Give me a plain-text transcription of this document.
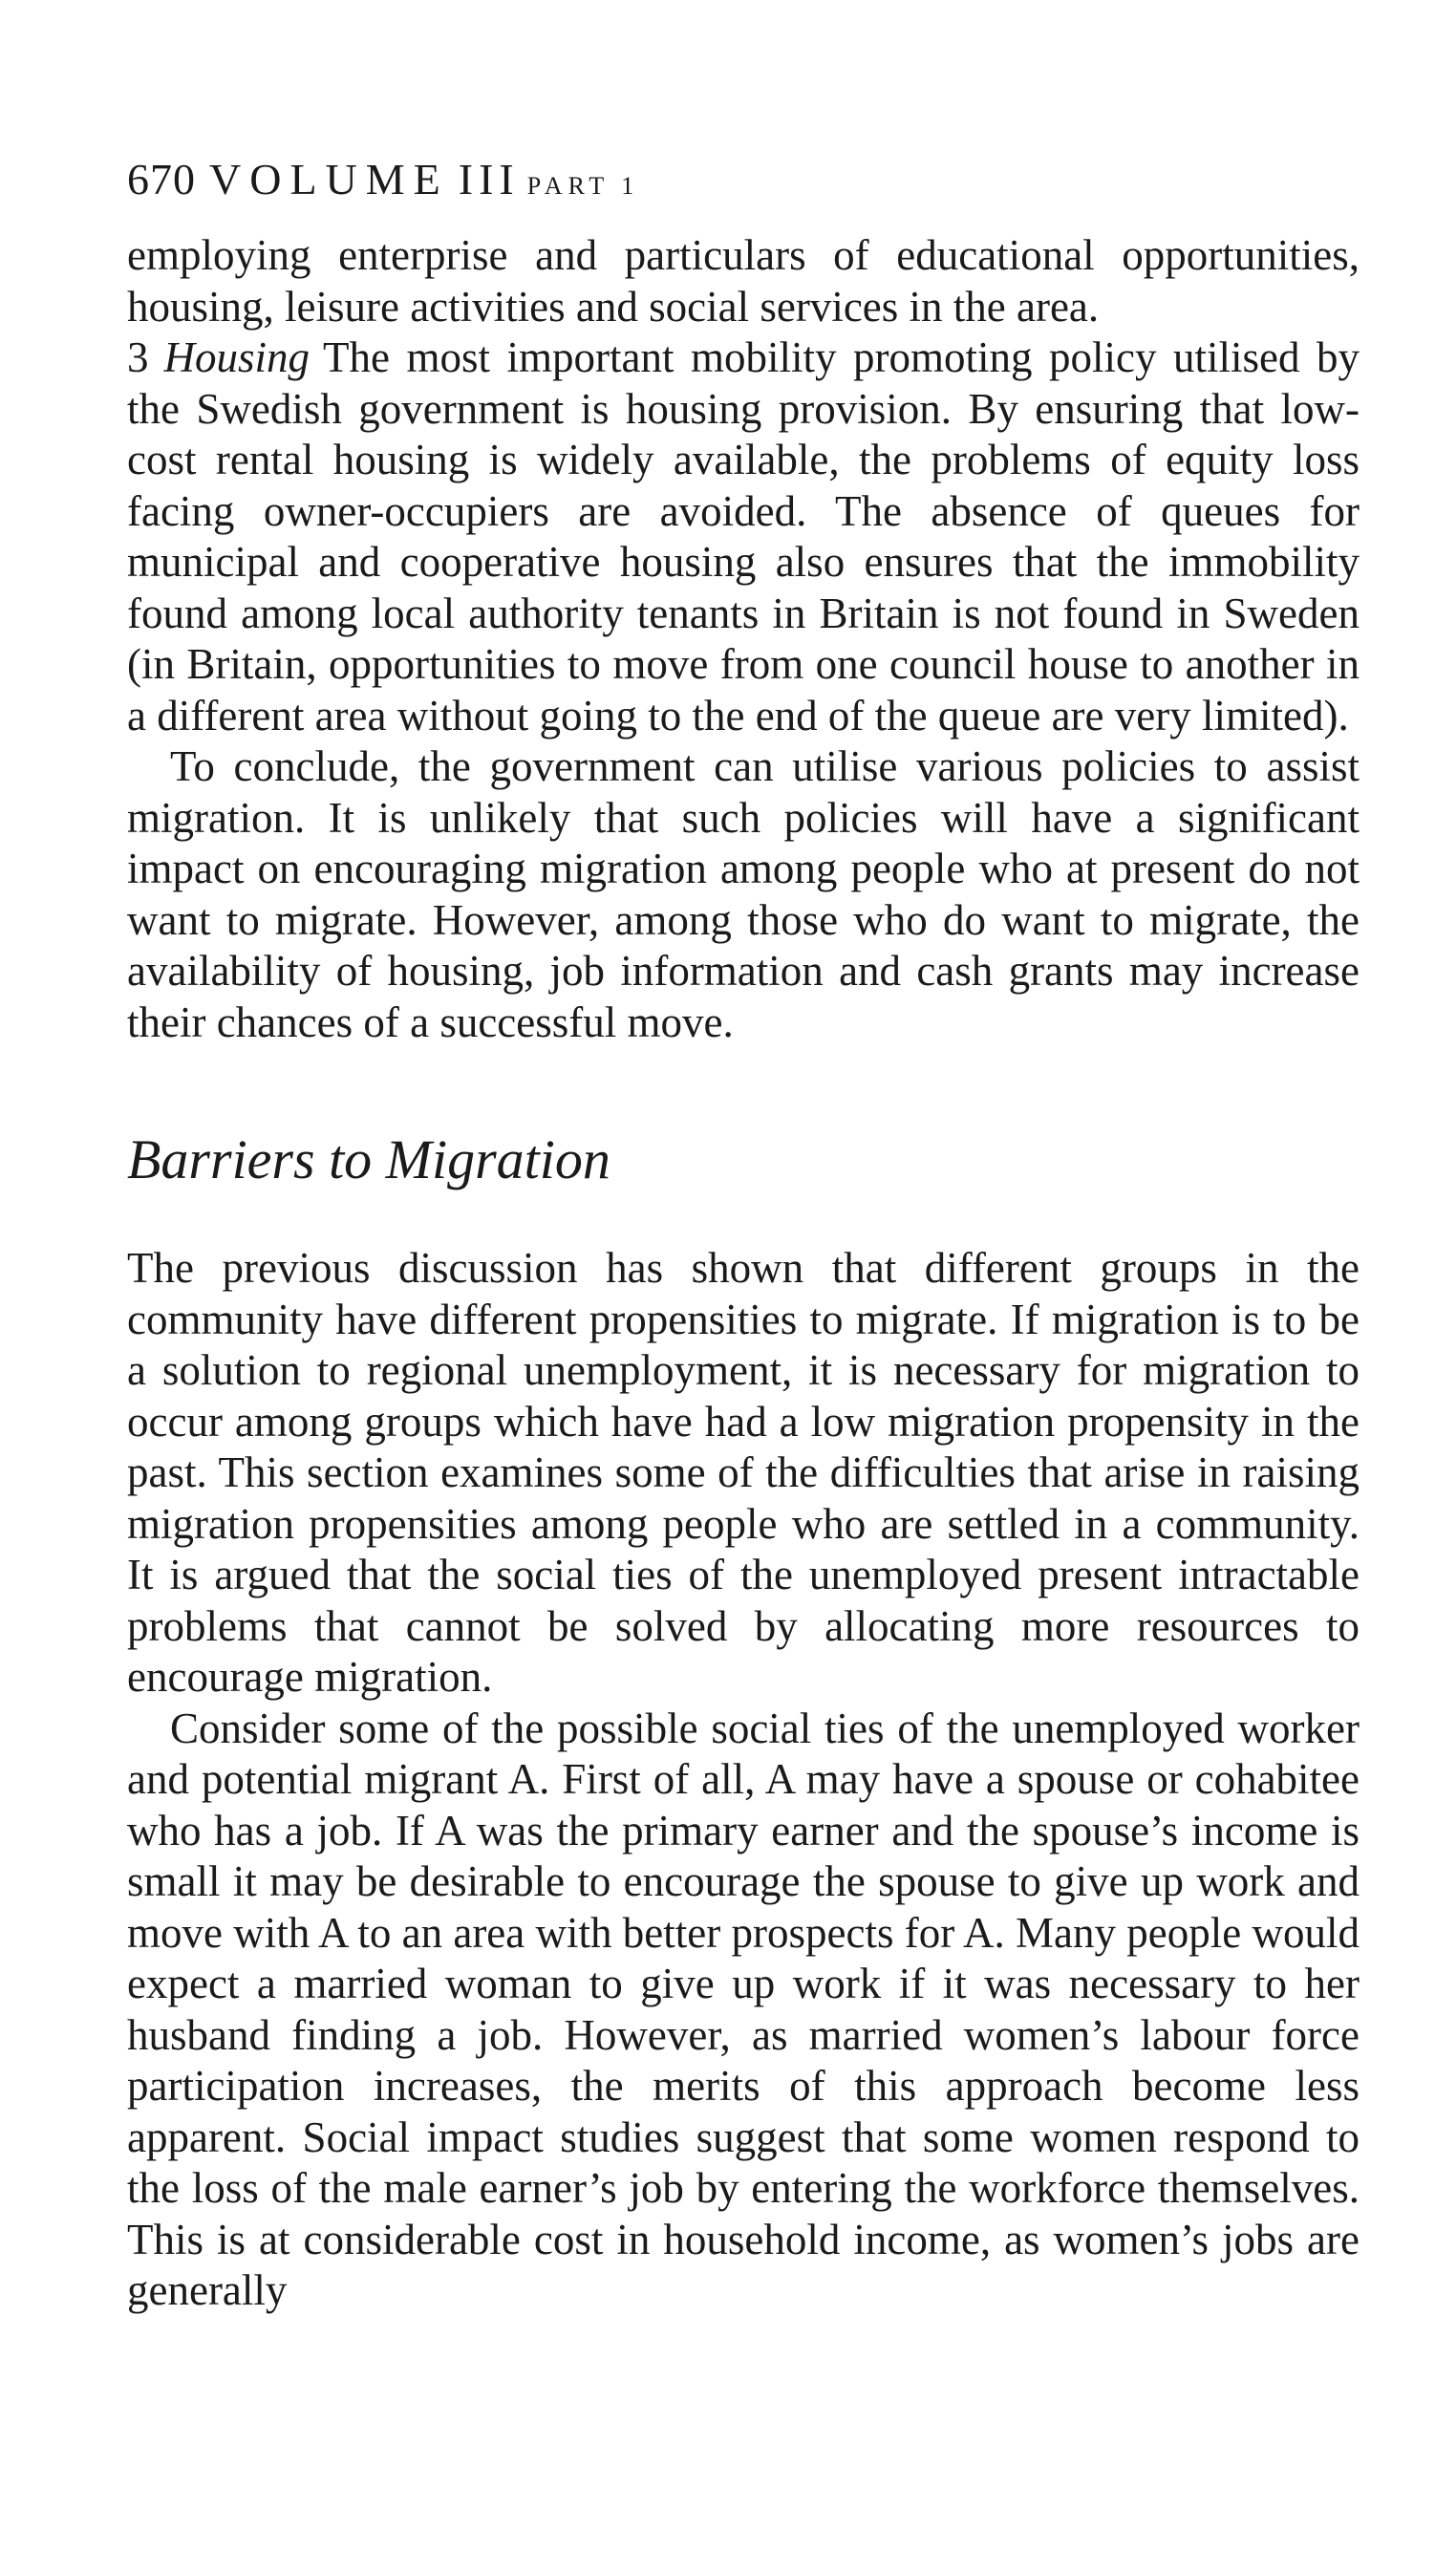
670 VOLUME III PART 1

employing enterprise and particulars of educational opportunities, housing, leisure activities and social services in the area.

3 Housing The most important mobility promoting policy utilised by the Swedish government is housing provision. By ensuring that low-cost rental housing is widely available, the problems of equity loss facing owner-occupiers are avoided. The absence of queues for municipal and cooperative housing also ensures that the immobility found among local authority tenants in Britain is not found in Sweden (in Britain, opportunities to move from one council house to another in a different area without going to the end of the queue are very limited).

To conclude, the government can utilise various policies to assist migration. It is unlikely that such policies will have a significant impact on encouraging migration among people who at present do not want to migrate. However, among those who do want to migrate, the availability of housing, job information and cash grants may increase their chances of a successful move.

Barriers to Migration

The previous discussion has shown that different groups in the community have different propensities to migrate. If migration is to be a solution to regional unemployment, it is necessary for migration to occur among groups which have had a low migration propensity in the past. This section examines some of the difficulties that arise in raising migration propensities among people who are settled in a community. It is argued that the social ties of the unemployed present intractable problems that cannot be solved by allocating more resources to encourage migration.

Consider some of the possible social ties of the unemployed worker and potential migrant A. First of all, A may have a spouse or cohabitee who has a job. If A was the primary earner and the spouse’s income is small it may be desirable to encourage the spouse to give up work and move with A to an area with better prospects for A. Many people would expect a married woman to give up work if it was necessary to her husband finding a job. However, as married women’s labour force participation increases, the merits of this approach become less apparent. Social impact studies suggest that some women respond to the loss of the male earner’s job by entering the workforce themselves. This is at considerable cost in household income, as women’s jobs are generally
